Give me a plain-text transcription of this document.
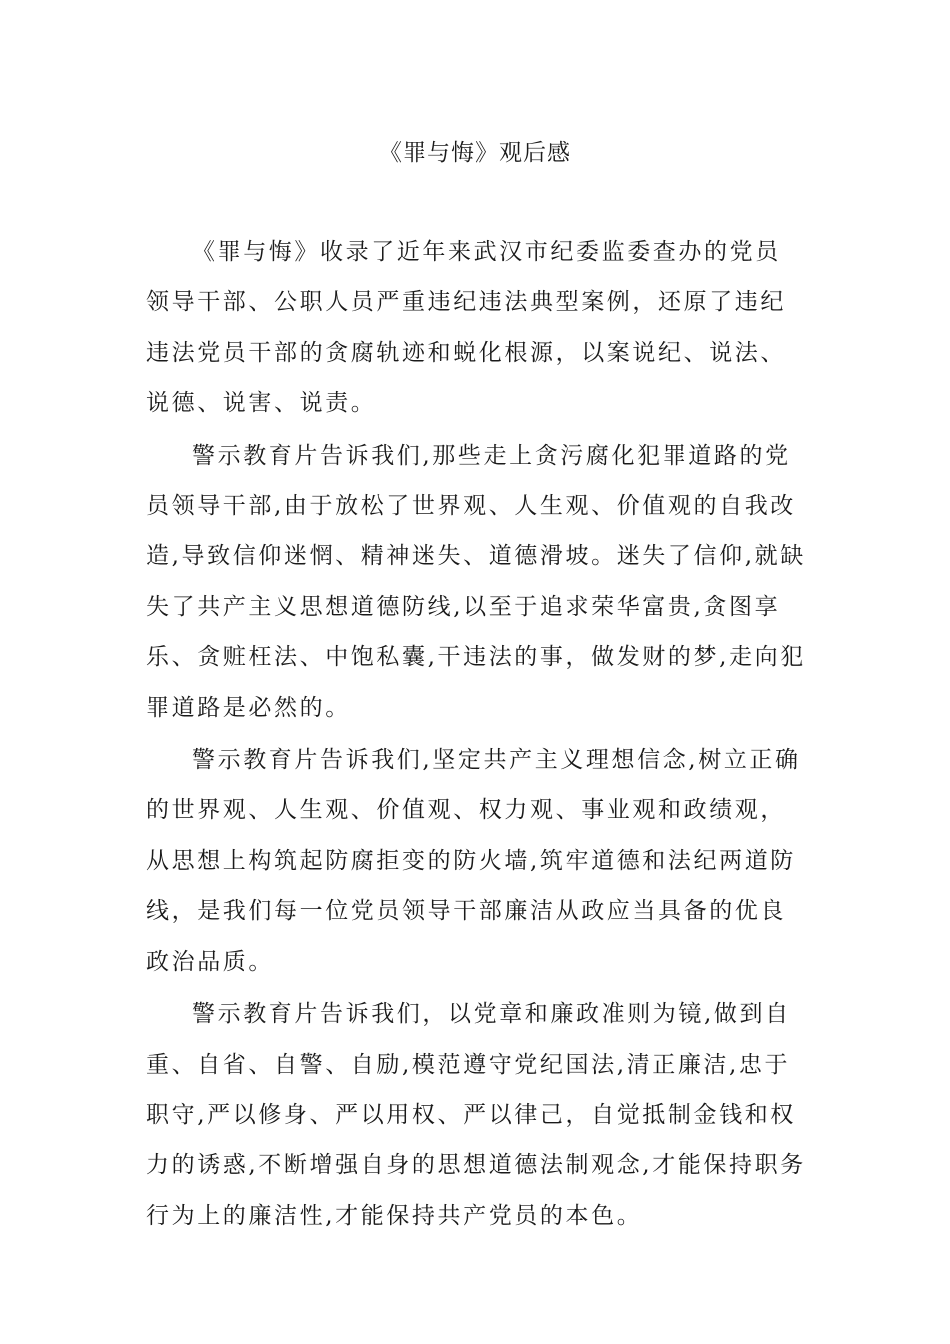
《罪与悔》观后感

《罪与悔》收录了近年来武汉市纪委监委查办的党员领导干部、公职人员严重违纪违法典型案例，还原了违纪违法党员干部的贪腐轨迹和蜕化根源，以案说纪、说法、说德、说害、说责。

警示教育片告诉我们,那些走上贪污腐化犯罪道路的党员领导干部,由于放松了世界观、人生观、价值观的自我改造,导致信仰迷惘、精神迷失、道德滑坡。迷失了信仰,就缺失了共产主义思想道德防线,以至于追求荣华富贵,贪图享乐、贪赃枉法、中饱私囊,干违法的事，做发财的梦,走向犯罪道路是必然的。

警示教育片告诉我们,坚定共产主义理想信念,树立正确的世界观、人生观、价值观、权力观、事业观和政绩观，从思想上构筑起防腐拒变的防火墙,筑牢道德和法纪两道防线，是我们每一位党员领导干部廉洁从政应当具备的优良政治品质。

警示教育片告诉我们，以党章和廉政准则为镜,做到自重、自省、自警、自励,模范遵守党纪国法,清正廉洁,忠于职守,严以修身、严以用权、严以律己，自觉抵制金钱和权力的诱惑,不断增强自身的思想道德法制观念,才能保持职务行为上的廉洁性,才能保持共产党员的本色。
